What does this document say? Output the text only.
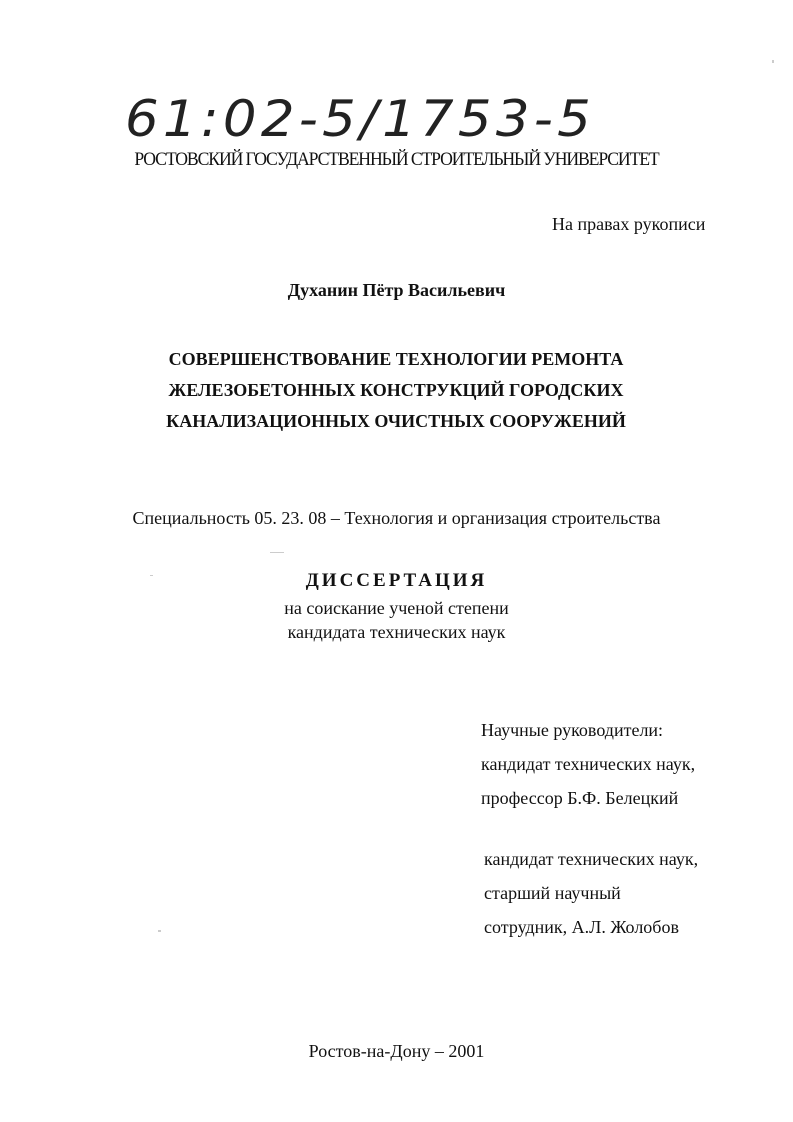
61:02-5/1753-5
РОСТОВСКИЙ ГОСУДАРСТВЕННЫЙ СТРОИТЕЛЬНЫЙ УНИВЕРСИТЕТ
На правах рукописи
Духанин Пётр Васильевич
СОВЕРШЕНСТВОВАНИЕ ТЕХНОЛОГИИ РЕМОНТА
ЖЕЛЕЗОБЕТОННЫХ КОНСТРУКЦИЙ ГОРОДСКИХ
КАНАЛИЗАЦИОННЫХ ОЧИСТНЫХ СООРУЖЕНИЙ
Специальность 05. 23. 08 – Технология и организация строительства
ДИССЕРТАЦИЯ
на соискание ученой степени
кандидата технических наук
Научные руководители:
кандидат технических наук,
профессор Б.Ф. Белецкий
кандидат технических наук,
старший научный
сотрудник, А.Л. Жолобов
Ростов-на-Дону – 2001
